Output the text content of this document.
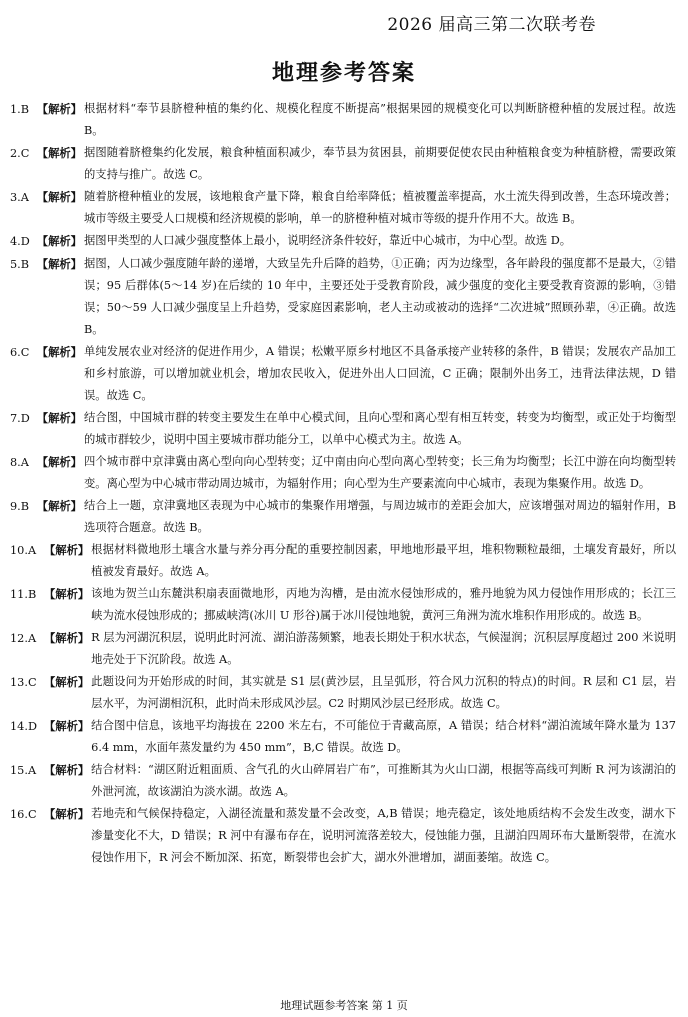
2026 届高三第二次联考卷
地理参考答案
1.B 【解析】 根据材料“奉节县脐橙种植的集约化、规模化程度不断提高”根据果园的规模变化可以判断脐橙种植的发展过程。故选 B。
2.C 【解析】 据图随着脐橙集约化发展，粮食种植面积减少，奉节县为贫困县，前期要促使农民由种植粮食变为种植脐橙，需要政策的支持与推广。故选 C。
3.A 【解析】 随着脐橙种植业的发展，该地粮食产量下降，粮食自给率降低；植被覆盖率提高，水土流失得到改善，生态环境改善；城市等级主要受人口规模和经济规模的影响，单一的脐橙种植对城市等级的提升作用不大。故选 B。
4.D 【解析】 据图甲类型的人口减少强度整体上最小，说明经济条件较好，靠近中心城市，为中心型。故选 D。
5.B 【解析】 据图，人口减少强度随年龄的递增，大致呈先升后降的趋势，①正确；丙为边缘型，各年龄段的强度都不是最大，②错误；95 后群体(5～14 岁)在后续的 10 年中，主要还处于受教育阶段，减少强度的变化主要受教育资源的影响，③错误；50～59 人口减少强度呈上升趋势，受家庭因素影响，老人主动或被动的选择“二次进城”照顾孙辈，④正确。故选 B。
6.C 【解析】 单纯发展农业对经济的促进作用少，A 错误；松嫩平原乡村地区不具备承接产业转移的条件，B 错误；发展农产品加工和乡村旅游，可以增加就业机会，增加农民收入，促进外出人口回流，C 正确；限制外出务工，违背法律法规，D 错误。故选 C。
7.D 【解析】 结合图，中国城市群的转变主要发生在单中心模式间，且向心型和离心型有相互转变，转变为均衡型，或正处于均衡型的城市群较少，说明中国主要城市群功能分工，以单中心模式为主。故选 A。
8.A 【解析】 四个城市群中京津冀由离心型向向心型转变；辽中南由向心型向离心型转变；长三角为均衡型；长江中游在向均衡型转变。离心型为中心城市带动周边城市，为辐射作用；向心型为生产要素流向中心城市，表现为集聚作用。故选 D。
9.B 【解析】 结合上一题，京津冀地区表现为中心城市的集聚作用增强，与周边城市的差距会加大，应该增强对周边的辐射作用，B 选项符合题意。故选 B。
10.A 【解析】 根据材料微地形土壤含水量与养分再分配的重要控制因素，甲地地形最平坦，堆积物颗粒最细，土壤发育最好，所以植被发育最好。故选 A。
11.B 【解析】 该地为贺兰山东麓洪积扇表面微地形，丙地为沟槽，是由流水侵蚀形成的，雅丹地貌为风力侵蚀作用形成的；长江三峡为流水侵蚀形成的；挪威峡湾(冰川 U 形谷)属于冰川侵蚀地貌，黄河三角洲为流水堆积作用形成的。故选 B。
12.A 【解析】 R 层为河湖沉积层，说明此时河流、湖泊游荡频繁，地表长期处于积水状态，气候湿润；沉积层厚度超过 200 米说明地壳处于下沉阶段。故选 A。
13.C 【解析】 此题设问为开始形成的时间，其实就是 S1 层(黄沙层，且呈弧形，符合风力沉积的特点)的时间。R 层和 C1 层，岩层水平，为河湖相沉积，此时尚未形成风沙层。C2 时期风沙层已经形成。故选 C。
14.D 【解析】 结合图中信息，该地平均海拔在 2200 米左右，不可能位于青藏高原，A 错误；结合材料“湖泊流域年降水量为 1376.4 mm，水面年蒸发量约为 450 mm”，B,C 错误。故选 D。
15.A 【解析】 结合材料：“湖区附近粗面质、含气孔的火山碎屑岩广布”，可推断其为火山口湖，根据等高线可判断 R 河为该湖泊的外泄河流，故该湖泊为淡水湖。故选 A。
16.C 【解析】 若地壳和气候保持稳定，入湖径流量和蒸发量不会改变，A,B 错误；地壳稳定，该处地质结构不会发生改变，湖水下渗量变化不大，D 错误；R 河中有瀑布存在，说明河流落差较大，侵蚀能力强，且湖泊四周环布大量断裂带，在流水侵蚀作用下，R 河会不断加深、拓宽，断裂带也会扩大，湖水外泄增加，湖面萎缩。故选 C。
地理试题参考答案 第 1 页
